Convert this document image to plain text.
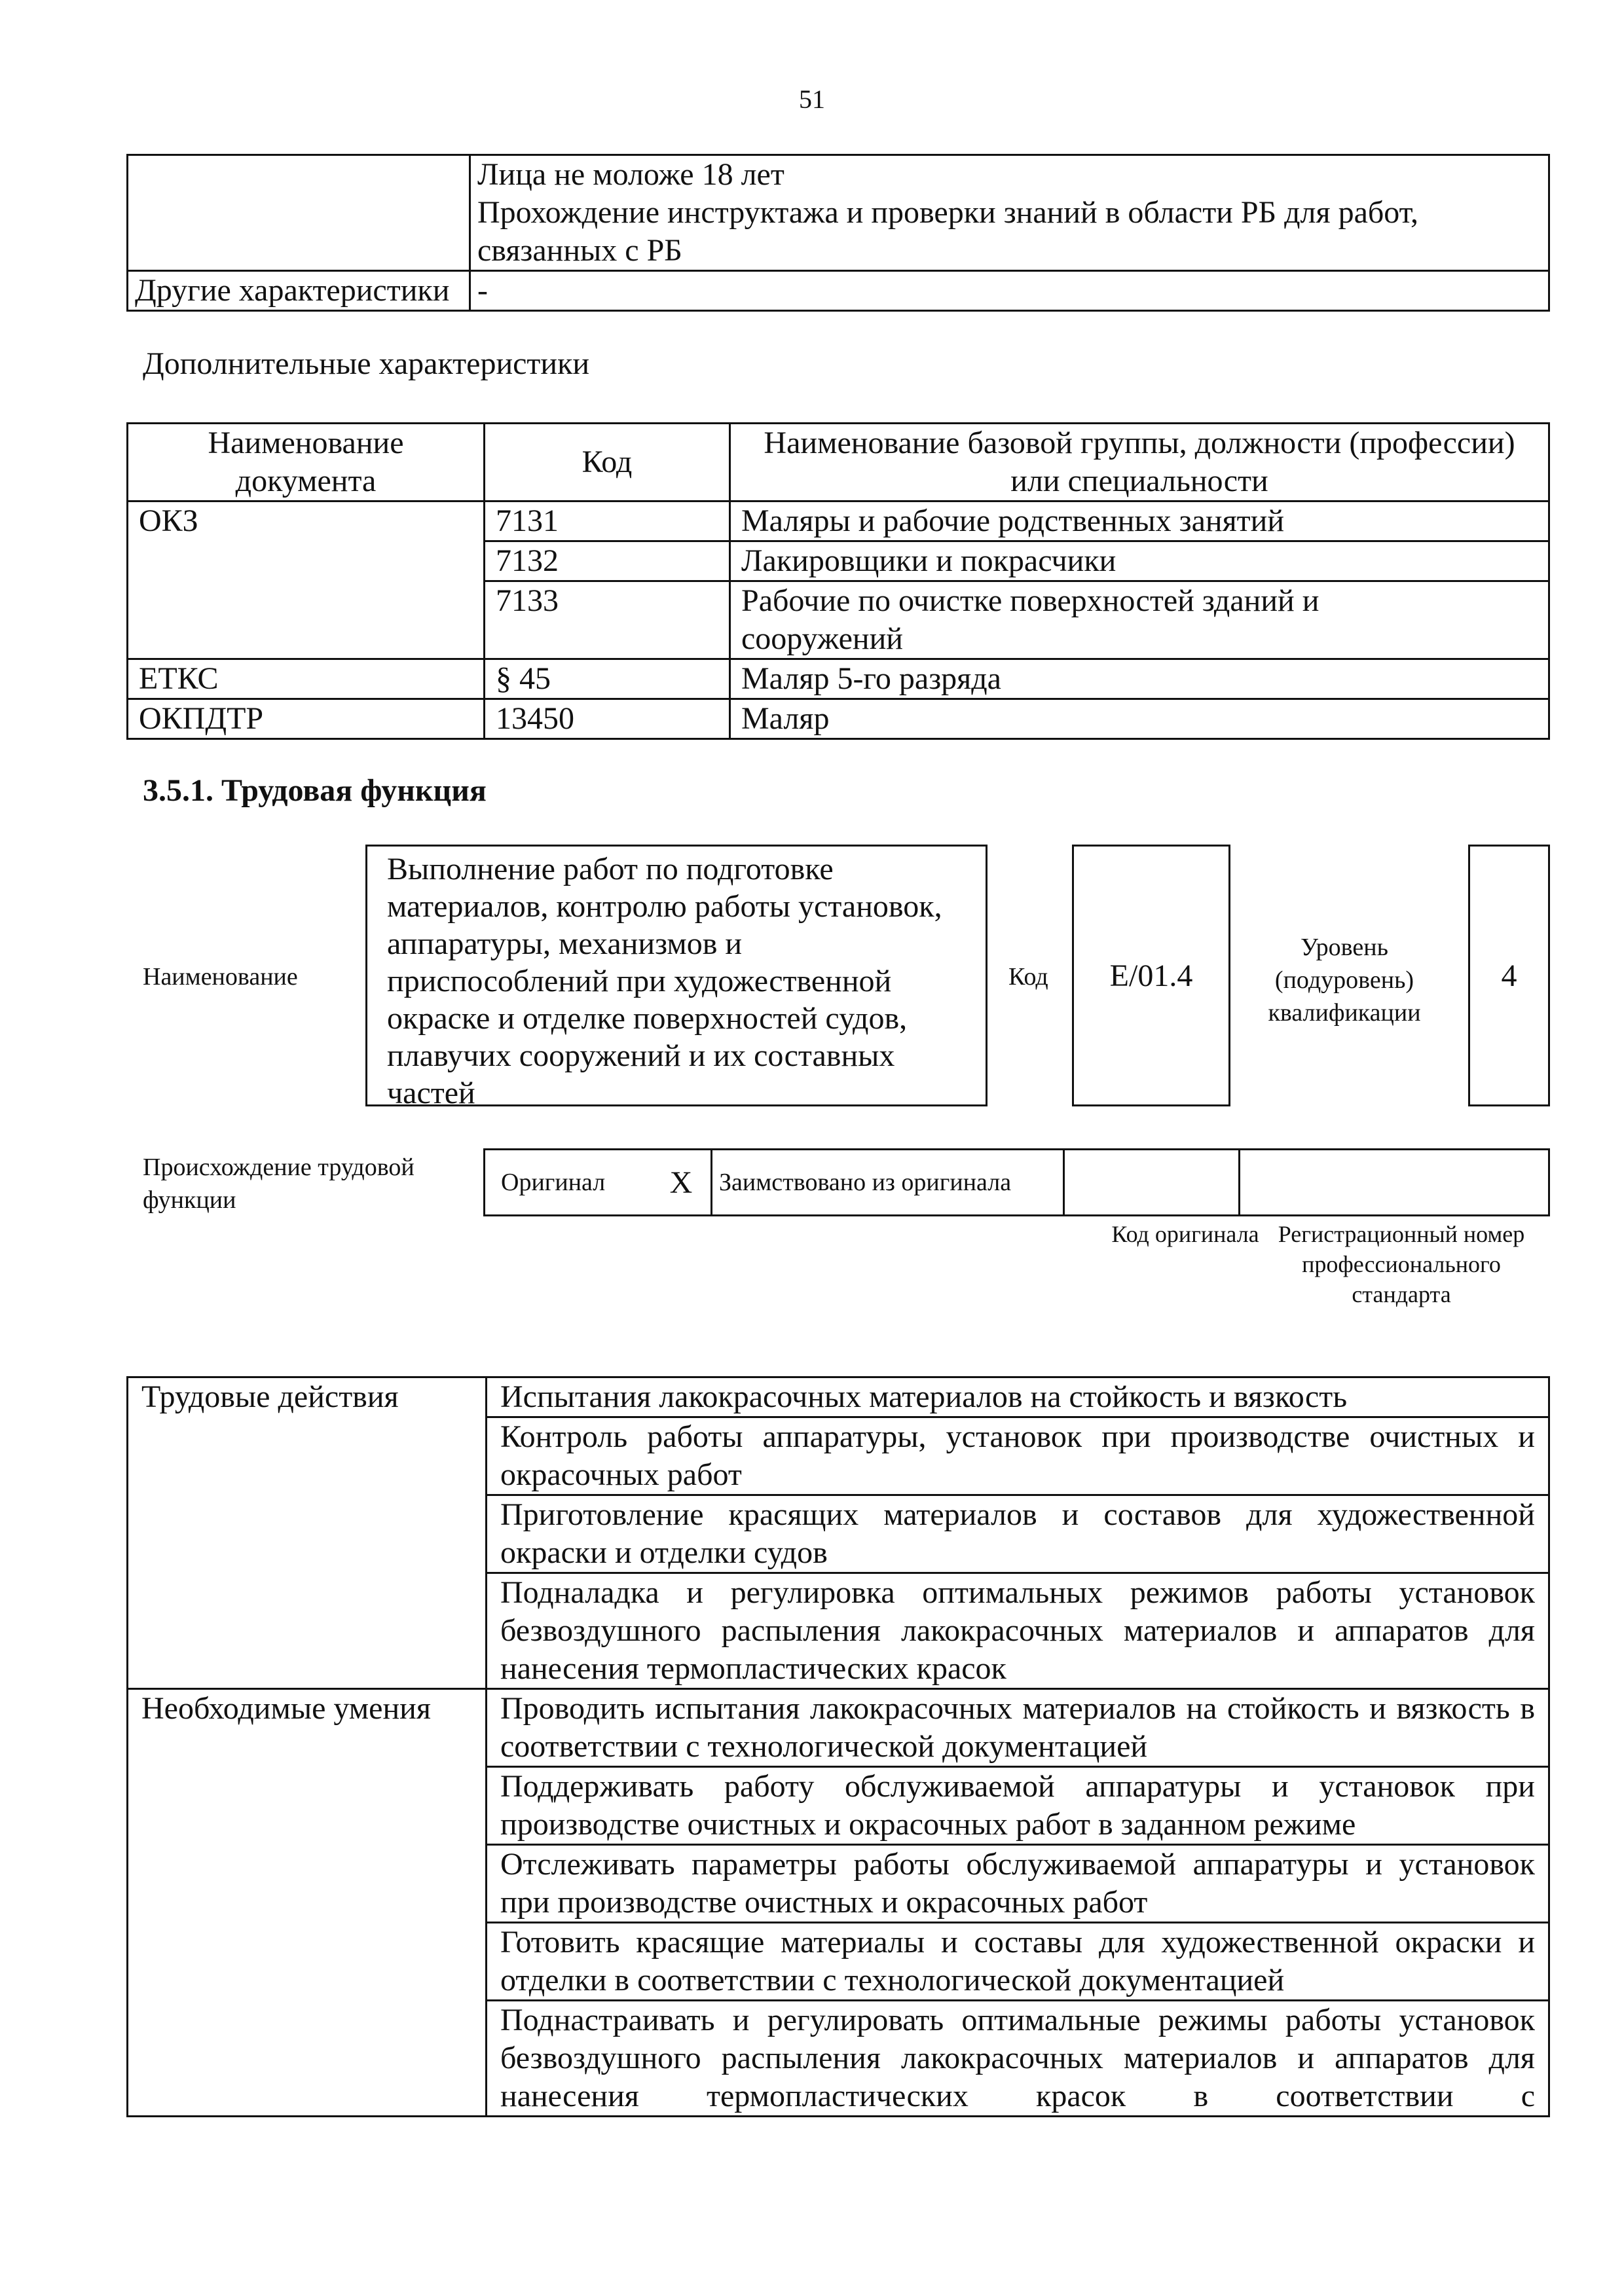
51

	Лица не моложе 18 лет
Прохождение инструктажа и проверки знаний в области РБ для работ, связанных с РБ

Другие характеристики	-
Дополнительные характеристики
Наименование документа	Код	Наименование базовой группы, должности (профессии) или специальности
ОКЗ	7131	Маляры и рабочие родственных занятий
	7132	Лакировщики и покрасчики
	7133	Рабочие по очистке поверхностей зданий и сооружений
ЕТКС	§ 45	Маляр 5-го разряда
ОКПДТР	13450	Маляр
3.5.1. Трудовая функция
Наименование
Выполнение работ по подготовке материалов, контролю работы установок, аппаратуры, механизмов и приспособлений при художественной окраске и отделке поверхностей судов, плавучих сооружений и их составных частей
Код	E/01.4
Уровень (подуровень) квалификации
4
Происхождение трудовой функции
Оригинал	X	Заимствовано из оригинала		
Код оригинала Регистрационный номер профессионального стандарта
Трудовые действия	Испытания лакокрасочных материалов на стойкость и вязкость
	Контроль работы аппаратуры, установок при производстве очистных и окрасочных работ
	Приготовление красящих материалов и составов для художественной окраски и отделки судов
	Подналадка и регулировка оптимальных режимов работы установок безвоздушного распыления лакокрасочных материалов и аппаратов для нанесения термопластических красок
Необходимые умения	Проводить испытания лакокрасочных материалов на стойкость и вязкость в соответствии с технологической документацией
	Поддерживать работу обслуживаемой аппаратуры и установок при производстве очистных и окрасочных работ в заданном режиме
	Отслеживать параметры работы обслуживаемой аппаратуры и установок при производстве очистных и окрасочных работ
	Готовить красящие материалы и составы для художественной окраски и отделки в соответствии с технологической документацией
	Поднастраивать и регулировать оптимальные режимы работы установок безвоздушного распыления лакокрасочных материалов и аппаратов для нанесения термопластических красок в соответствии с
